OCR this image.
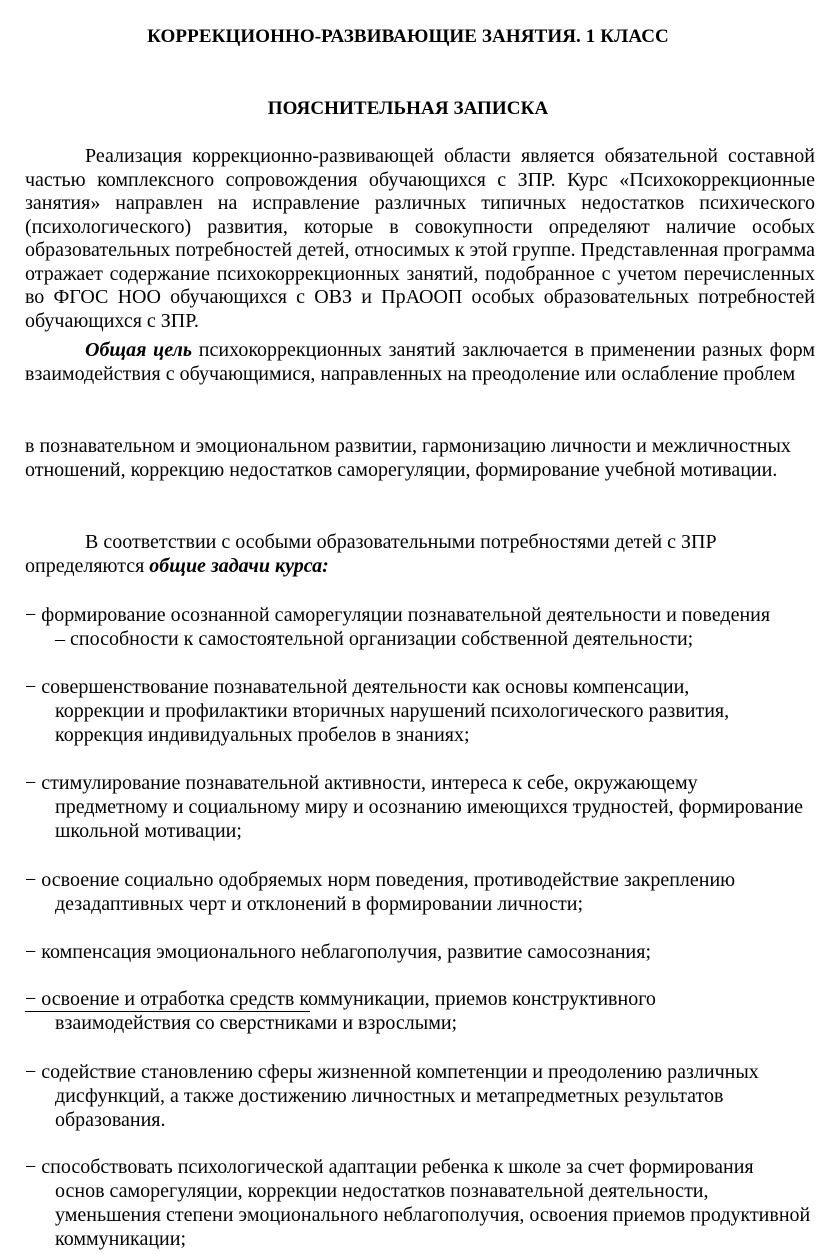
КОРРЕКЦИОННО-РАЗВИВАЮЩИЕ ЗАНЯТИЯ. 1 КЛАСС
ПОЯСНИТЕЛЬНАЯ ЗАПИСКА
Реализация коррекционно-развивающей области является обязательной составной частью комплексного сопровождения обучающихся с ЗПР. Курс «Психокоррекционные занятия» направлен на исправление различных типичных недостатков психического (психологического) развития, которые в совокупности определяют наличие особых образовательных потребностей детей, относимых к этой группе. Представленная программа отражает содержание психокоррекционных занятий, подобранное с учетом перечисленных во ФГОС НОО обучающихся с ОВЗ и ПрАООП особых образовательных потребностей обучающихся с ЗПР.
Общая цель психокоррекционных занятий заключается в применении разных форм взаимодействия с обучающимися, направленных на преодоление или ослабление проблем
в познавательном и эмоциональном развитии, гармонизацию личности и межличностных отношений, коррекцию недостатков саморегуляции, формирование учебной мотивации.
В соответствии с особыми образовательными потребностями детей с ЗПР определяются общие задачи курса:
− формирование осознанной саморегуляции познавательной деятельности и поведения
– способности к самостоятельной организации собственной деятельности;
− совершенствование познавательной деятельности как основы компенсации,
коррекции и профилактики вторичных нарушений психологического развития, коррекция индивидуальных пробелов в знаниях;
− стимулирование познавательной активности, интереса к себе, окружающему
предметному и социальному миру и осознанию имеющихся трудностей, формирование школьной мотивации;
− освоение социально одобряемых норм поведения, противодействие закреплению
дезадаптивных черт и отклонений в формировании личности;
− компенсация эмоционального неблагополучия, развитие самосознания;
− освоение и отработка средств коммуникации, приемов конструктивного
взаимодействия со сверстниками и взрослыми;
− содействие становлению сферы жизненной компетенции и преодолению различных
дисфункций, а также достижению личностных и метапредметных результатов образования.
− способствовать психологической адаптации ребенка к школе за счет формирования
основ саморегуляции, коррекции недостатков познавательной деятельности, уменьшения степени эмоционального неблагополучия, освоения приемов продуктивной коммуникации;
